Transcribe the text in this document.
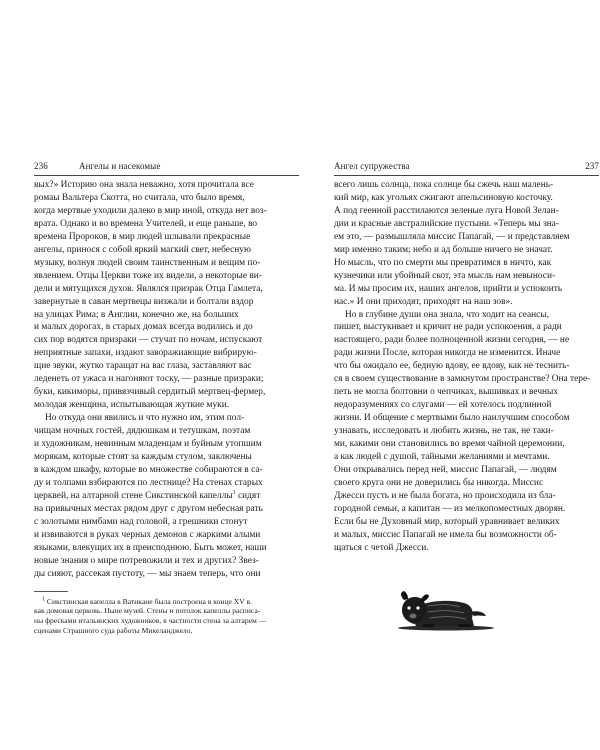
236	Ангелы и насекомые

вых?» Историю она знала неважно, хотя прочитала все
ромаы Вальтера Скотта, но считала, что было время,
когда мертвые уходили далеко в мир иной, откуда нет воз-
врата. Однако и во времена Учителей, и еще раньше, во
времена Пророков, в мир людей шлывали прекрасные
ангелы, принося с собой яркий магкий свет, небесную
музыку, волнуя людей своим таинственным и вещим по-
явлением. Отцы Церкви тоже их видели, а некоторые ви-
дели и мятущихся духов. Являлся призрак Отца Гамлета,
завернутые в саван мертвецы визжали и болтали вздор
на улицах Рима; в Англии, конечно же, на больших
и малых дорогах, в старых домах всегда водились и до
сих пор водятся призраки — стучат по ночам, испускают
неприятные запахи, издают заворажиающие вибрирую-
щие звуки, жутко таращат на вас глаза, заставляют вас
леденеть от ужаса и нагоняют тоску, — разные призраки;
буки, кикиморы, привязчивый сердитый мертвец-фермер,
молодая женщина, испытывающая жуткие муки.

Но откуда они явились и что нужно им, этим пол-
чищам ночных гостей, дядюшкам и тетушкам, поэтам
и художникам, невинным младенцам и буйным утопшим
морякам, которые стоят за каждым стулом, заключены
в каждом шкафу, которые во множестве собираются в са-
ду и толпами взбираются по лестнице? На стенах старых
церквей, на алтарной стене Сикстинской капеллы$^1$ сидят
на привычных местах рядом друг с другом небесная рать
с золотыми нимбами над головой, а грешники стонут
и извиваются в руках черных демонов с жаркими алыми
языками, влекущих их в преисподнюю. Быть может, наши
новые знания о мире потревожили и тех и других? Звез-
ды сияют, рассекая пустоту, — мы знаем теперь, что они

$^1$ Сикстинская капелла в Ватикане была построена в конце XV в.
как домовая церковь. Ныне музей. Стены и потолок капеллы расписа-
ны фресками итальянских художников, в частности стена за алтарем —
сценами Страшного суда работы Микеланджело.
Ангел супружества	237

всего лишь солнца, пока солнце бы сжечь наш малень-
кий мир, как угольях сжигают апельсиновую косточку.
А под геенной расстилаются зеленые луга Новой Зелан-
дии и красные австралийские пустыни. «Теперь мы зна-
ем это, — размышляла миссис Папагай, — и представляем
мир именно таким; небо и ад больше ничего не значат.
Но мысль, что по смерти мы превратимся в ничто, как
кузнечики или убойный скот, эта мысль нам невыноси-
ма. И мы просим их, наших ангелов, прийти и успокоить
нас.» И они приходят, приходят на наш зов».

Но в глубине души она знала, что ходит на сеансы,
пишет, выстукивает и кричит не ради успокоения, а ради
настоящего, ради более полноценной жизни сегодня, — не
ради жизни После, которая никогда не изменится. Иначе
что бы ожидало ее, бедную вдову, ее вдову, как не теснить-
ся в своем существование в замкнутом пространстве? Она тере-
петь не могла болтовни о чепчиках, вышивках и вечных
недоразумениях со слугами — ей хотелось подлинной
жизни. И общение с мертвыми было наилучшим способом
узнавать, исследовать и любить жизнь, не так, не таки-
ми, какими они становились во время чайной церемонии,
а как людей с душой, тайными желаниями и мечтами.
Они открывались перед ней, миссис Папагай, — людям
своего круга они не доверились бы никогда. Миссис
Джесси пусть и не была богата, но происходила из бла-
городной семьи, а капитан — из мелкопоместных дворян.
Если бы не Духовный мир, который уравнивает великих
и малых, миссис Папагай не имела бы возможности об-
щаться с четой Джесси.
